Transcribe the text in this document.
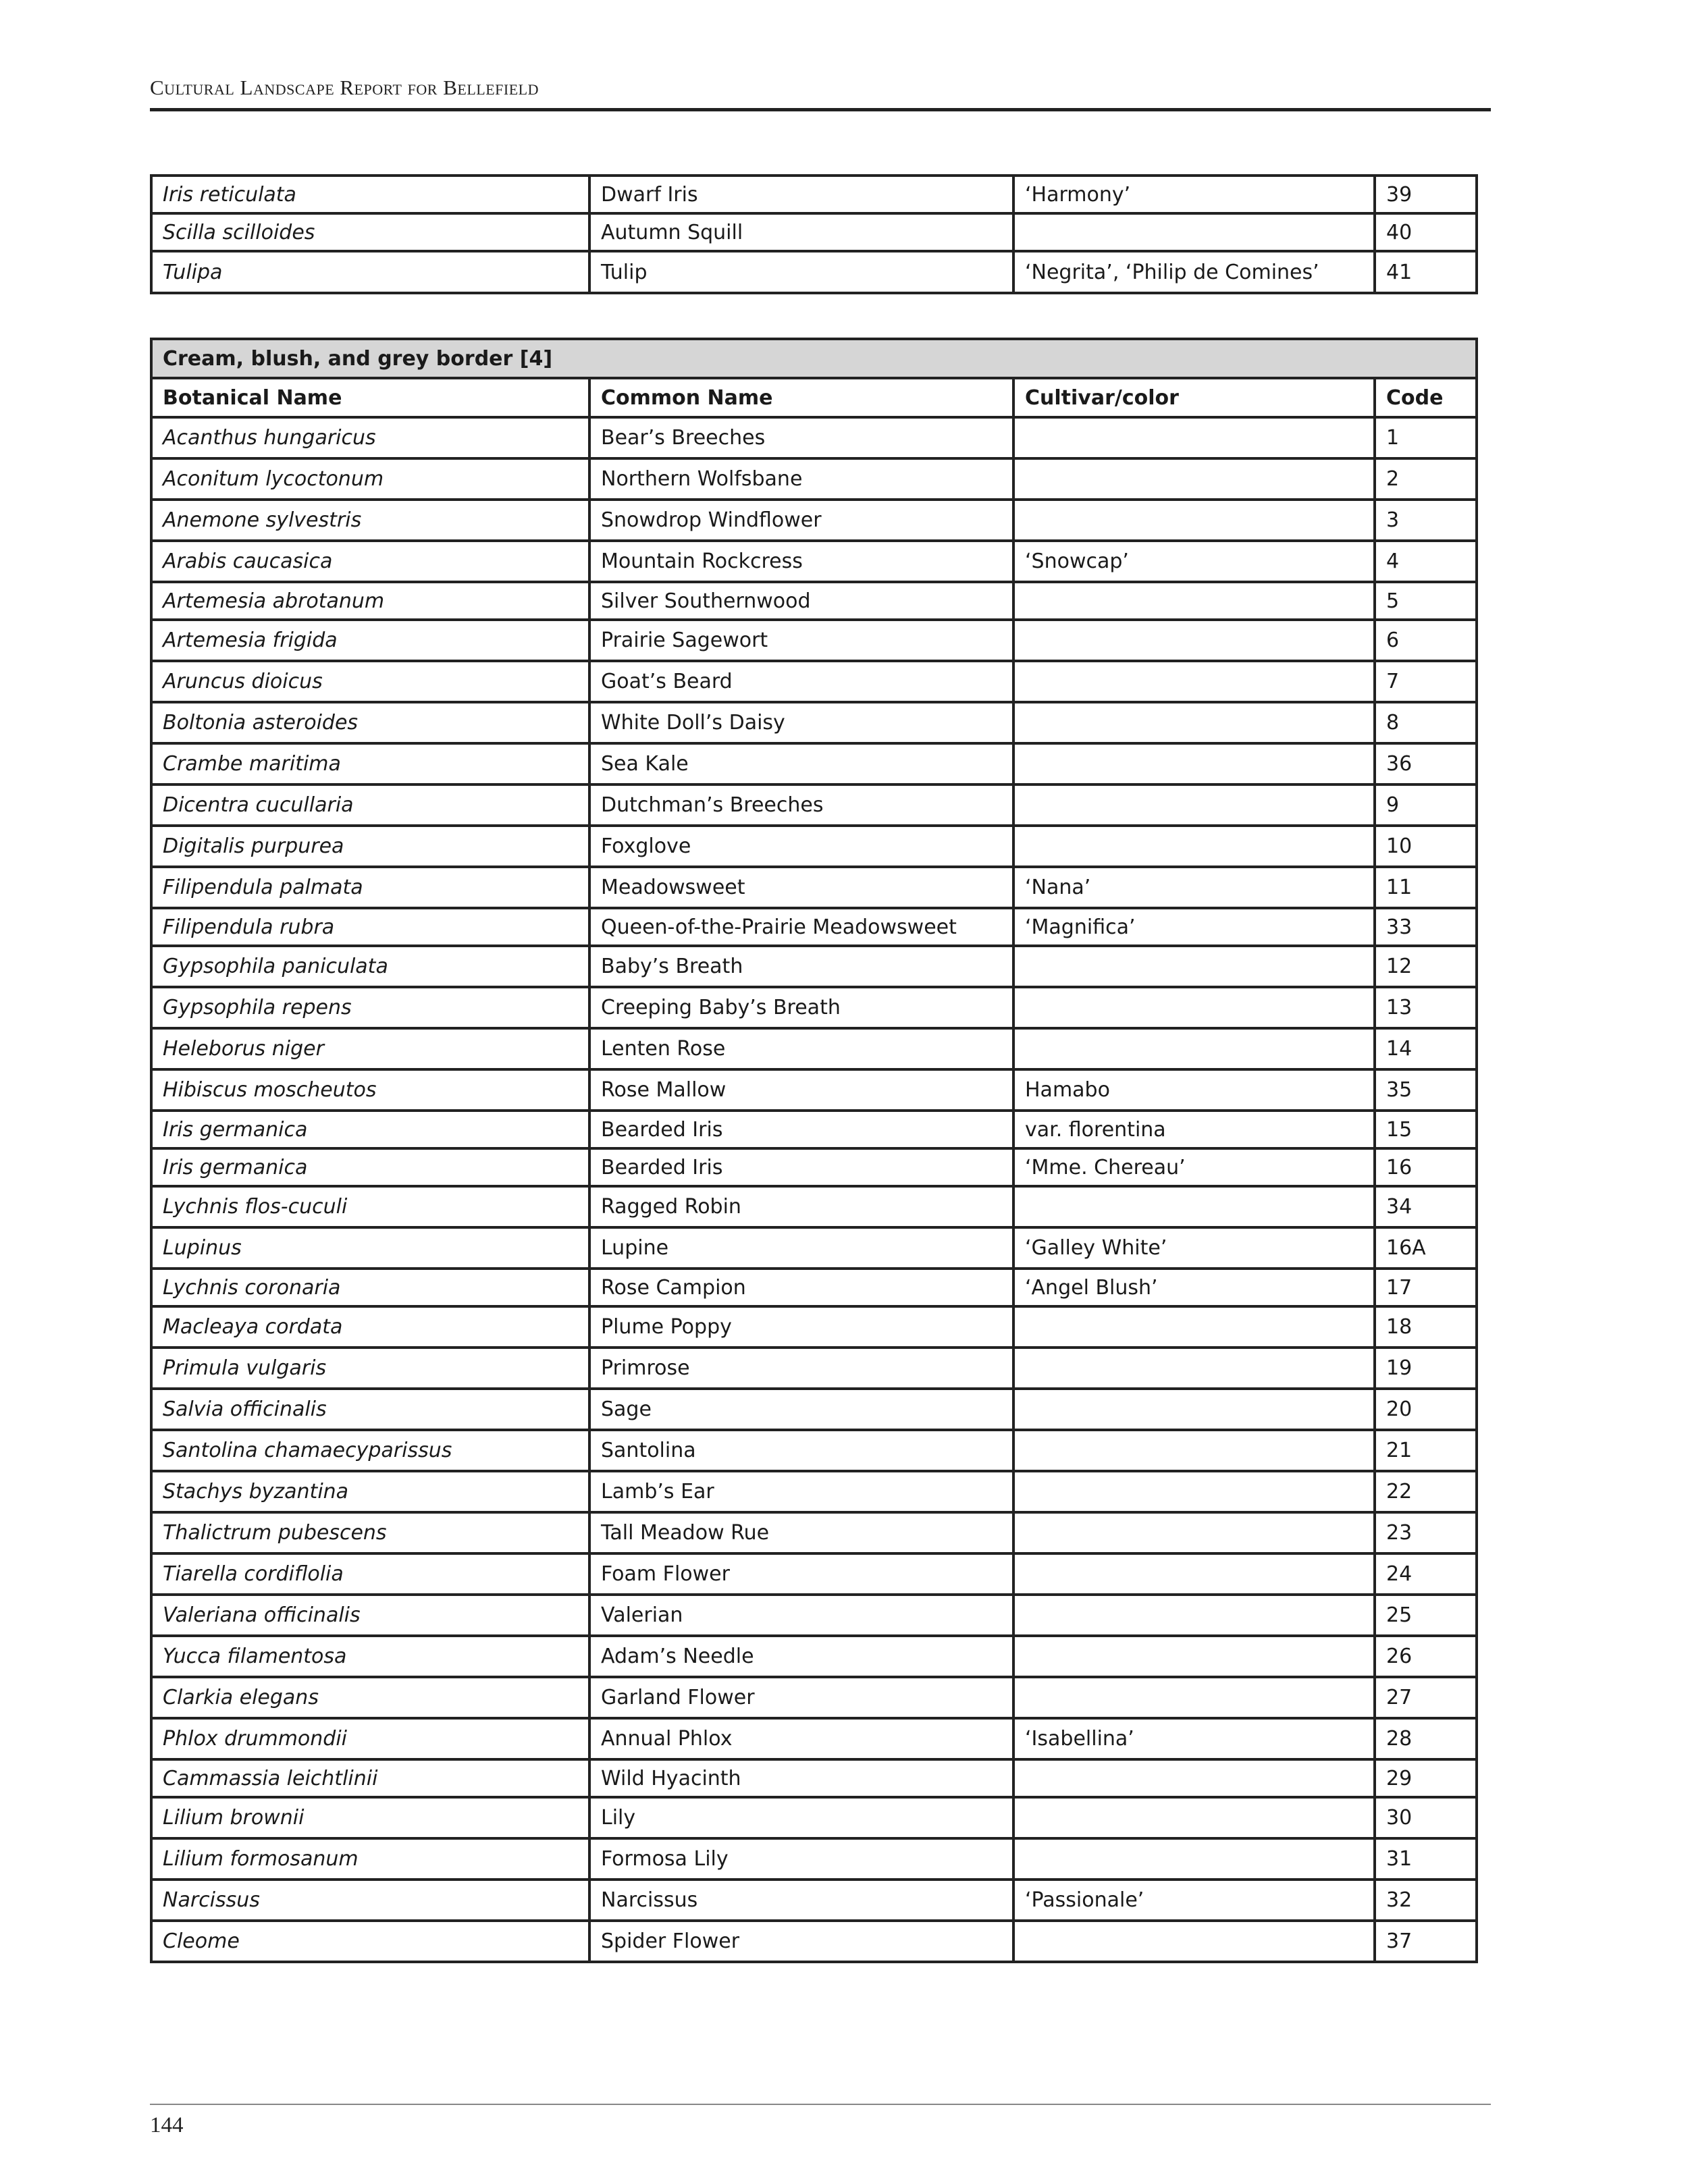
Cultural Landscape Report for Bellefield
Iris reticulata	Dwarf Iris	‘Harmony’	39
Scilla scilloides	Autumn Squill		40
Tulipa	Tulip	‘Negrita’, ‘Philip de Comines’	41
Cream, blush, and grey border [4]			
Botanical Name	Common Name	Cultivar/color	Code
Acanthus hungaricus	Bear’s Breeches		1
Aconitum lycoctonum	Northern Wolfsbane		2
Anemone sylvestris	Snowdrop Windflower		3
Arabis caucasica	Mountain Rockcress	‘Snowcap’	4
Artemesia abrotanum	Silver Southernwood		5
Artemesia frigida	Prairie Sagewort		6
Aruncus dioicus	Goat’s Beard		7
Boltonia asteroides	White Doll’s Daisy		8
Crambe maritima	Sea Kale		36
Dicentra cucullaria	Dutchman’s Breeches		9
Digitalis purpurea	Foxglove		10
Filipendula palmata	Meadowsweet	‘Nana’	11
Filipendula rubra	Queen-of-the-Prairie Meadowsweet	‘Magnifica’	33
Gypsophila paniculata	Baby’s Breath		12
Gypsophila repens	Creeping Baby’s Breath		13
Heleborus niger	Lenten Rose		14
Hibiscus moscheutos	Rose Mallow	Hamabo	35
Iris germanica	Bearded Iris	var. florentina	15
Iris germanica	Bearded Iris	‘Mme. Chereau’	16
Lychnis flos-cuculi	Ragged Robin		34
Lupinus	Lupine	‘Galley White’	16A
Lychnis coronaria	Rose Campion	‘Angel Blush’	17
Macleaya cordata	Plume Poppy		18
Primula vulgaris	Primrose		19
Salvia officinalis	Sage		20
Santolina chamaecyparissus	Santolina		21
Stachys byzantina	Lamb’s Ear		22
Thalictrum pubescens	Tall Meadow Rue		23
Tiarella cordiflolia	Foam Flower		24
Valeriana officinalis	Valerian		25
Yucca filamentosa	Adam’s Needle		26
Clarkia elegans	Garland Flower		27
Phlox drummondii	Annual Phlox	‘Isabellina’	28
Cammassia leichtlinii	Wild Hyacinth		29
Lilium brownii	Lily		30
Lilium formosanum	Formosa Lily		31
Narcissus	Narcissus	‘Passionale’	32
Cleome	Spider Flower		37
144
